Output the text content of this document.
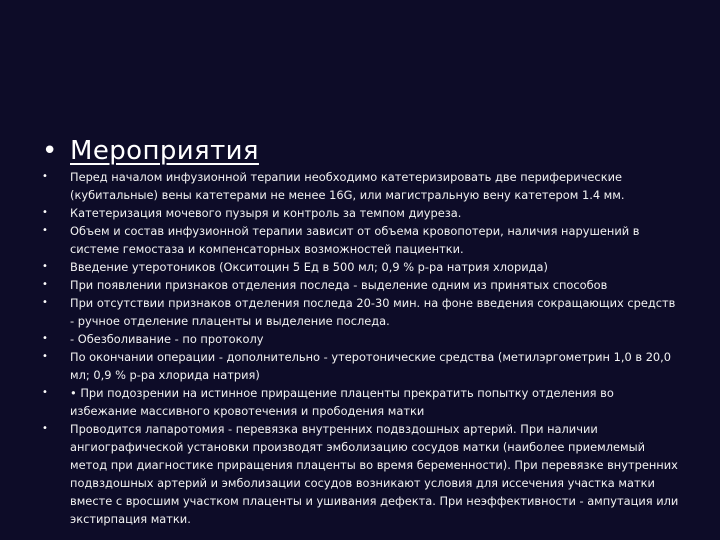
• Мероприятия
• Перед началом инфузионной терапии необходимо катетеризировать две периферические (кубитальные) вены катетерами не менее 16G, или магистральную вену катетером 1.4 мм.
• Катетеризация мочевого пузыря и контроль за темпом диуреза.
• Объем и состав инфузионной терапии зависит от объема кровопотери, наличия нарушений в системе гемостаза и компенсаторных возможностей пациентки.
• Введение утеротоников (Окситоцин 5 Ед в 500 мл; 0,9 % р-ра натрия хлорида)
• При появлении признаков отделения последа - выделение одним из принятых способов
• При отсутствии признаков отделения последа 20-30 мин. на фоне введения сокращающих средств - ручное отделение плаценты и выделение последа.
• - Обезболивание - по протоколу
• По окончании операции - дополнительно - утеротонические средства (метилэргометрин 1,0 в 20,0 мл; 0,9 % р-ра хлорида натрия)
• • При подозрении на истинное приращение плаценты прекратить попытку отделения во избежание массивного кровотечения и прободения матки
• Проводится лапаротомия - перевязка внутренних подвздошных артерий. При наличии ангиографической установки производят эмболизацию сосудов матки (наиболее приемлемый метод при диагностике приращения плаценты во время беременности). При перевязке внутренних подвздошных артерий и эмболизации сосудов возникают условия для иссечения участка матки вместе с вросшим участком плаценты и ушивания дефекта. При неэффективности - ампутация или экстирпация матки.
